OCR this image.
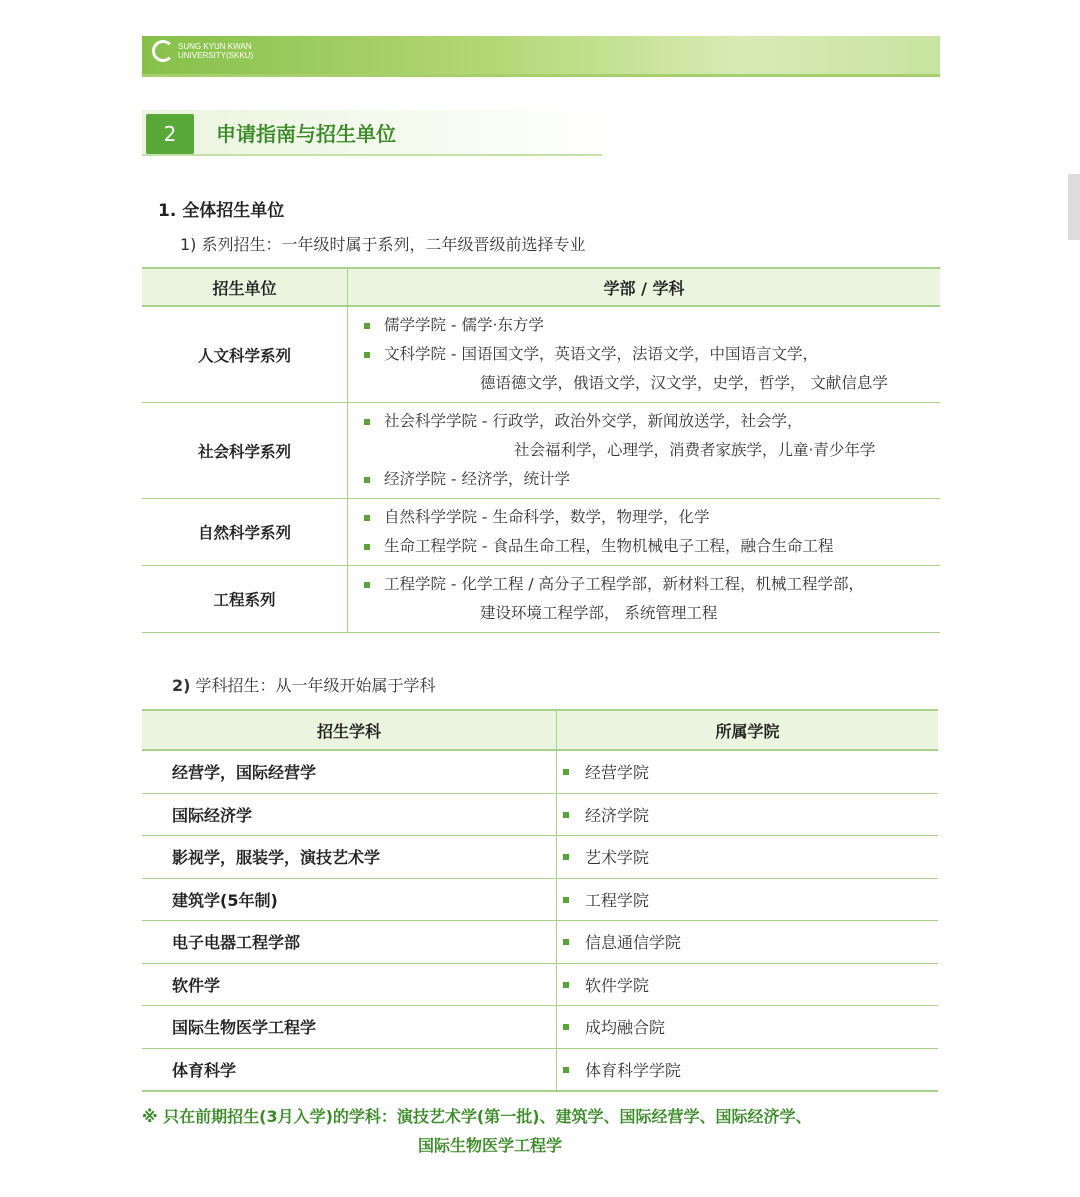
SUNG KYUN KWAN
UNIVERSITY(SKKU)
2	申请指南与招生单位
1. 全体招生单位
1) 系列招生：一年级时属于系列，二年级晋级前选择专业
招生单位	学部 / 学科
人文科学系列	儒学学院 - 儒学·东方学
文科学院 - 国语国文学，英语文学，法语文学，中国语言文学，
德语德文学，俄语文学，汉文学，史学，哲学， 文献信息学

社会科学系列	社会科学学院 - 行政学，政治外交学，新闻放送学，社会学，
社会福利学，心理学，消费者家族学，儿童·青少年学
经济学院 - 经济学，统计学

自然科学系列	自然科学学院 - 生命科学，数学，物理学，化学
生命工程学院 - 食品生命工程，生物机械电子工程，融合生命工程

工程系列	工程学院 - 化学工程 / 高分子工程学部，新材料工程，机械工程学部，
建设环境工程学部， 系统管理工程
2) 学科招生：从一年级开始属于学科
招生学科	所属学院
经营学，国际经营学	经营学院
国际经济学	经济学院
影视学，服装学，演技艺术学	艺术学院
建筑学(5年制)	工程学院
电子电器工程学部	信息通信学院
软件学	软件学院
国际生物医学工程学	成均融合院
体育科学	体育科学学院
※ 只在前期招生(3月入学)的学科：演技艺术学(第一批)、建筑学、国际经营学、国际经济学、
国际生物医学工程学
